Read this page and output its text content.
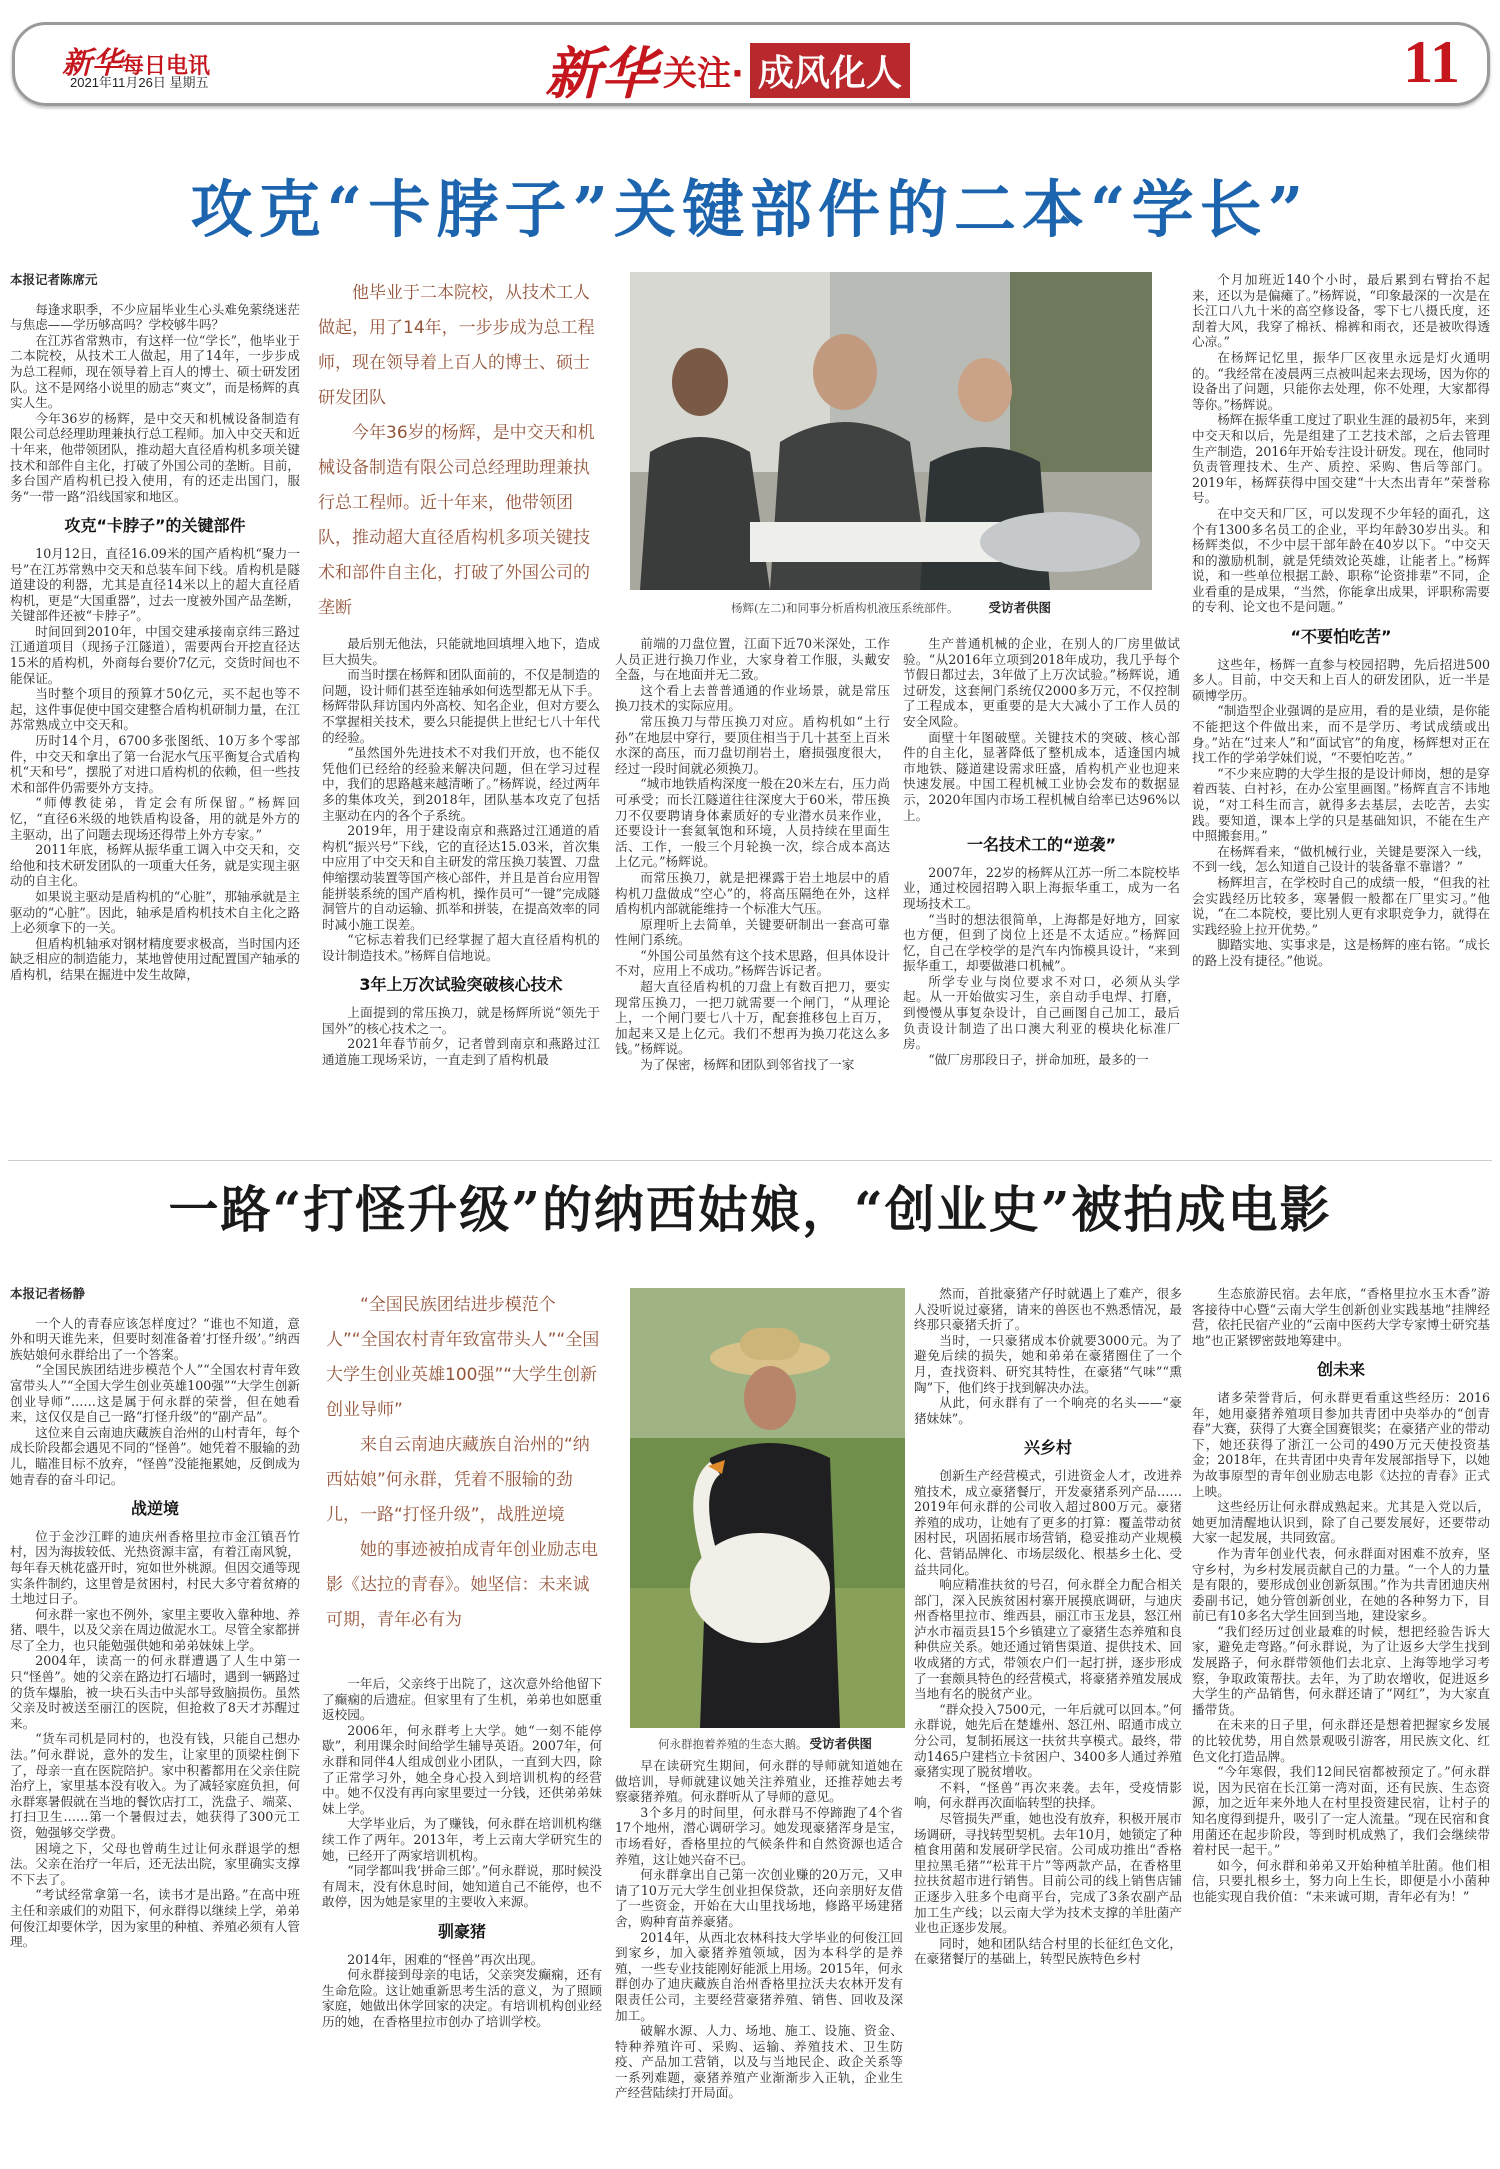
新华每日电讯
2021年11月26日 星期五	新华 关注· 成风化人	11
攻克“卡脖子”关键部件的二本“学长”

本报记者陈席元

每逢求职季，不少应届毕业生心头难免萦绕迷茫与焦虑——学历够高吗？学校够牛吗？

在江苏省常熟市，有这样一位“学长”，他毕业于二本院校，从技术工人做起，用了14年，一步步成为总工程师，现在领导着上百人的博士、硕士研发团队。这不是网络小说里的励志“爽文”，而是杨辉的真实人生。

今年36岁的杨辉，是中交天和机械设备制造有限公司总经理助理兼执行总工程师。加入中交天和近十年来，他带领团队，推动超大直径盾构机多项关键技术和部件自主化，打破了外国公司的垄断。目前，多台国产盾构机已投入使用，有的还走出国门，服务“一带一路”沿线国家和地区。

攻克“卡脖子”的关键部件

10月12日，直径16.09米的国产盾构机“聚力一号”在江苏常熟中交天和总装车间下线。盾构机是隧道建设的利器，尤其是直径14米以上的超大直径盾构机，更是“大国重器”，过去一度被外国产品垄断，关键部件还被“卡脖子”。

时间回到2010年，中国交建承接南京纬三路过江通道项目（现扬子江隧道），需要两台开挖直径达15米的盾构机，外商每台要价7亿元，交货时间也不能保证。

当时整个项目的预算才50亿元，买不起也等不起，这件事促使中国交建整合盾构机研制力量，在江苏常熟成立中交天和。

历时14个月，6700多张图纸、10万多个零部件，中交天和拿出了第一台泥水气压平衡复合式盾构机“天和号”，摆脱了对进口盾构机的依赖，但一些技术和部件仍需要外方支持。

“师傅教徒弟，肯定会有所保留。”杨辉回忆，“直径6米级的地铁盾构设备，用的就是外方的主驱动，出了问题去现场还得带上外方专家。”

2011年底，杨辉从振华重工调入中交天和，交给他和技术研发团队的一项重大任务，就是实现主驱动的自主化。

如果说主驱动是盾构机的“心脏”，那轴承就是主驱动的“心脏”。因此，轴承是盾构机技术自主化之路上必须拿下的一关。

但盾构机轴承对钢材精度要求极高，当时国内还缺乏相应的制造能力，某地曾使用过配置国产轴承的盾构机，结果在掘进中发生故障，

他毕业于二本院校，从技术工人做起，用了14年，一步步成为总工程师，现在领导着上百人的博士、硕士研发团队

今年36岁的杨辉，是中交天和机械设备制造有限公司总经理助理兼执行总工程师。近十年来，他带领团队，推动超大直径盾构机多项关键技术和部件自主化，打破了外国公司的垄断

最后别无他法，只能就地回填埋入地下，造成巨大损失。

而当时摆在杨辉和团队面前的，不仅是制造的问题，设计师们甚至连轴承如何选型都无从下手。杨辉带队拜访国内外高校、知名企业，但对方要么不掌握相关技术，要么只能提供上世纪七八十年代的经验。

“虽然国外先进技术不对我们开放，也不能仅凭他们已经给的经验来解决问题，但在学习过程中，我们的思路越来越清晰了。”杨辉说，经过两年多的集体攻关，到2018年，团队基本攻克了包括主驱动在内的各个子系统。

2019年，用于建设南京和燕路过江通道的盾构机“振兴号”下线，它的直径达15.03米，首次集中应用了中交天和自主研发的常压换刀装置、刀盘伸缩摆动装置等国产核心部件，并且是首台应用智能拼装系统的国产盾构机，操作员可“一键”完成隧洞管片的自动运输、抓举和拼装，在提高效率的同时减小施工误差。

“它标志着我们已经掌握了超大直径盾构机的设计制造技术。”杨辉自信地说。

3年上万次试验突破核心技术

上面提到的常压换刀，就是杨辉所说“领先于国外”的核心技术之一。

2021年春节前夕，记者曾到南京和燕路过江通道施工现场采访，一直走到了盾构机最

杨辉(左二)和同事分析盾构机液压系统部件。 受访者供图

前端的刀盘位置，江面下近70米深处，工作人员正进行换刀作业，大家身着工作服，头戴安全盔，与在地面并无二致。

这个看上去普普通通的作业场景，就是常压换刀技术的实际应用。

常压换刀与带压换刀对应。盾构机如“土行孙”在地层中穿行，要顶住相当于几十甚至上百米水深的高压，而刀盘切削岩土，磨损强度很大，经过一段时间就必须换刀。

“城市地铁盾构深度一般在20米左右，压力尚可承受；而长江隧道往往深度大于60米，带压换刀不仅要聘请身体素质好的专业潜水员来作业，还要设计一套氦氧饱和环境，人员持续在里面生活、工作，一般三个月轮换一次，综合成本高达上亿元。”杨辉说。

而常压换刀，就是把裸露于岩土地层中的盾构机刀盘做成“空心”的，将高压隔绝在外，这样盾构机内部就能维持一个标准大气压。

原理听上去简单，关键要研制出一套高可靠性闸门系统。

“外国公司虽然有这个技术思路，但具体设计不对，应用上不成功。”杨辉告诉记者。

超大直径盾构机的刀盘上有数百把刀，要实现常压换刀，一把刀就需要一个闸门，“从理论上，一个闸门要七八十万，配套推移包上百万，加起来又是上亿元。我们不想再为换刀花这么多钱。”杨辉说。

为了保密，杨辉和团队到邻省找了一家

生产普通机械的企业，在别人的厂房里做试验。“从2016年立项到2018年成功，我几乎每个节假日都过去，3年做了上万次试验。”杨辉说，通过研发，这套闸门系统仅2000多万元，不仅控制了工程成本，更重要的是大大减小了工作人员的安全风险。

面壁十年图破壁。关键技术的突破、核心部件的自主化，显著降低了整机成本，适逢国内城市地铁、隧道建设需求旺盛，盾构机产业也迎来快速发展。中国工程机械工业协会发布的数据显示，2020年国内市场工程机械自给率已达96%以上。

一名技术工的“逆袭”

2007年，22岁的杨辉从江苏一所二本院校毕业，通过校园招聘入职上海振华重工，成为一名现场技术工。

“当时的想法很简单，上海都是好地方，回家也方便，但到了岗位上还是不太适应。”杨辉回忆，自己在学校学的是汽车内饰模具设计，“来到振华重工，却要做港口机械”。

所学专业与岗位要求不对口，必须从头学起。从一开始做实习生，亲自动手电焊、打磨，到慢慢从事复杂设计，自己画图自己加工，最后负责设计制造了出口澳大利亚的模块化标准厂房。

“做厂房那段日子，拼命加班，最多的一

个月加班近140个小时，最后累到右臂抬不起来，还以为是偏瘫了。”杨辉说，“印象最深的一次是在长江口八九十米的高空修设备，零下七八摄氏度，还刮着大风，我穿了棉袄、棉裤和雨衣，还是被吹得透心凉。”

在杨辉记忆里，振华厂区夜里永远是灯火通明的。“我经常在凌晨两三点被叫起来去现场，因为你的设备出了问题，只能你去处理，你不处理，大家都得等你。”杨辉说。

杨辉在振华重工度过了职业生涯的最初5年，来到中交天和以后，先是组建了工艺技术部，之后去管理生产制造，2016年开始专注设计研发。现在，他同时负责管理技术、生产、质控、采购、售后等部门。2019年，杨辉获得中国交建“十大杰出青年”荣誉称号。

在中交天和厂区，可以发现不少年轻的面孔，这个有1300多名员工的企业，平均年龄30岁出头。和杨辉类似，不少中层干部年龄在40岁以下。“中交天和的激励机制，就是凭绩效论英雄，让能者上。”杨辉说，和一些单位根据工龄、职称“论资排辈”不同，企业看重的是成果，“当然，你能拿出成果，评职称需要的专利、论文也不是问题。”

“不要怕吃苦”

这些年，杨辉一直参与校园招聘，先后招进500多人。目前，中交天和上百人的研发团队，近一半是硕博学历。

“制造型企业强调的是应用，看的是业绩，是你能不能把这个件做出来，而不是学历、考试成绩或出身。”站在“过来人”和“面试官”的角度，杨辉想对正在找工作的学弟学妹们说，“不要怕吃苦。”

“不少来应聘的大学生报的是设计师岗，想的是穿着西装、白衬衫，在办公室里画图。”杨辉直言不讳地说，“对工科生而言，就得多去基层，去吃苦，去实践。要知道，课本上学的只是基础知识，不能在生产中照搬套用。”

在杨辉看来，“做机械行业，关键是要深入一线，不到一线，怎么知道自己设计的装备靠不靠谱？”

杨辉坦言，在学校时自己的成绩一般，“但我的社会实践经历比较多，寒暑假一般都在厂里实习。”他说，“在二本院校，要比别人更有求职竞争力，就得在实践经验上拉开优势。”

脚踏实地、实事求是，这是杨辉的座右铭。“成长的路上没有捷径。”他说。

一路“打怪升级”的纳西姑娘，“创业史”被拍成电影

本报记者杨静

一个人的青春应该怎样度过？“谁也不知道，意外和明天谁先来，但要时刻准备着‘打怪升级’。”纳西族姑娘何永群给出了一个答案。

“全国民族团结进步模范个人”“全国农村青年致富带头人”“全国大学生创业英雄100强”“大学生创新创业导师”……这是属于何永群的荣誉，但在她看来，这仅仅是自己一路“打怪升级”的“副产品”。

这位来自云南迪庆藏族自治州的山村青年，每个成长阶段都会遇见不同的“怪兽”。她凭着不服输的劲儿，瞄准目标不放弃，“怪兽”没能拖累她，反倒成为她青春的奋斗印记。

战逆境

位于金沙江畔的迪庆州香格里拉市金江镇吾竹村，因为海拔较低、光热资源丰富，有着江南风貌，每年春天桃花盛开时，宛如世外桃源。但因交通等现实条件制约，这里曾是贫困村，村民大多守着贫瘠的土地过日子。

何永群一家也不例外，家里主要收入靠种地、养猪、喂牛，以及父亲在周边做泥水工。尽管全家都拼尽了全力，也只能勉强供她和弟弟妹妹上学。

2004年，读高一的何永群遭遇了人生中第一只“怪兽”。她的父亲在路边打石墙时，遇到一辆路过的货车爆胎，被一块石头击中头部导致脑损伤。虽然父亲及时被送至丽江的医院，但抢救了8天才苏醒过来。

“货车司机是同村的，也没有钱，只能自己想办法。”何永群说，意外的发生，让家里的顶梁柱倒下了，母亲一直在医院陪护。家中积蓄都用在父亲住院治疗上，家里基本没有收入。为了减轻家庭负担，何永群寒暑假就在当地的餐饮店打工，洗盘子、端菜、打扫卫生……第一个暑假过去，她获得了300元工资，勉强够交学费。

困境之下，父母也曾萌生过让何永群退学的想法。父亲在治疗一年后，还无法出院，家里确实支撑不下去了。

“考试经常拿第一名，读书才是出路。”在高中班主任和亲戚们的劝阻下，何永群得以继续上学，弟弟何俊江却要休学，因为家里的种植、养殖必须有人管理。

“全国民族团结进步模范个人”“全国农村青年致富带头人”“全国大学生创业英雄100强”“大学生创新创业导师”

来自云南迪庆藏族自治州的“纳西姑娘”何永群，凭着不服输的劲儿，一路“打怪升级”，战胜逆境

她的事迹被拍成青年创业励志电影《达拉的青春》。她坚信：未来诚可期，青年必有为

一年后，父亲终于出院了，这次意外给他留下了癫痫的后遗症。但家里有了生机，弟弟也如愿重返校园。

2006年，何永群考上大学。她“一刻不能停歇”，利用课余时间给学生辅导英语。2007年，何永群和同伴4人组成创业小团队，一直到大四，除了正常学习外，她全身心投入到培训机构的经营中。她不仅没有再向家里要过一分钱，还供弟弟妹妹上学。

大学毕业后，为了赚钱，何永群在培训机构继续工作了两年。2013年，考上云南大学研究生的她，已经开了两家培训机构。

“同学都叫我‘拼命三郎’。”何永群说，那时候没有周末，没有休息时间，她知道自己不能停，也不敢停，因为她是家里的主要收入来源。

驯豪猪

2014年，困难的“怪兽”再次出现。

何永群接到母亲的电话，父亲突发癫痫，还有生命危险。这让她重新思考生活的意义，为了照顾家庭，她做出休学回家的决定。有培训机构创业经历的她，在香格里拉市创办了培训学校。

何永群抱着养殖的生态大鹅。 受访者供图

早在读研究生期间，何永群的导师就知道她在做培训，导师就建议她关注养殖业，还推荐她去考察豪猪养殖。何永群听从了导师的意见。

3个多月的时间里，何永群马不停蹄跑了4个省17个地州，潜心调研学习。她发现豪猪浑身是宝，市场看好，香格里拉的气候条件和自然资源也适合养殖，这让她兴奋不已。

何永群拿出自己第一次创业赚的20万元，又申请了10万元大学生创业担保贷款，还向亲朋好友借了一些资金，开始在大山里找场地，修路平场建猪舍，购种育苗养豪猪。

2014年，从西北农林科技大学毕业的何俊江回到家乡，加入豪猪养殖领域，因为本科学的是养殖，一些专业技能刚好能派上用场。2015年，何永群创办了迪庆藏族自治州香格里拉沃夫农林开发有限责任公司，主要经营豪猪养殖、销售、回收及深加工。

破解水源、人力、场地、施工、设施、资金、特种养殖许可、采购、运输、养殖技术、卫生防疫、产品加工营销，以及与当地民企、政企关系等一系列难题，豪猪养殖产业渐渐步入正轨，企业生产经营陆续打开局面。

然而，首批豪猪产仔时就遇上了难产，很多人没听说过豪猪，请来的兽医也不熟悉情况，最终那只豪猪夭折了。

当时，一只豪猪成本价就要3000元。为了避免后续的损失，她和弟弟在豪猪圈住了一个月，查找资料、研究其特性，在豪猪“气味”“熏陶”下，他们终于找到解决办法。

从此，何永群有了一个响亮的名头——“豪猪妹妹”。

兴乡村

创新生产经营模式，引进资金人才，改进养殖技术，成立豪猪餐厅，开发豪猪系列产品……2019年何永群的公司收入超过800万元。豪猪养殖的成功，让她有了更多的打算：覆盖带动贫困村民，巩固拓展市场营销，稳妥推动产业规模化、营销品牌化、市场层级化、根基乡土化、受益共同化。

响应精准扶贫的号召，何永群全力配合相关部门，深入民族贫困村寨开展摸底调研，与迪庆州香格里拉市、维西县，丽江市玉龙县，怒江州泸水市福贡县15个乡镇建立了豪猪生态养殖和良种供应关系。她还通过销售渠道、提供技术、回收成猪的方式，带领农户们一起打拼，逐步形成了一套颇具特色的经营模式，将豪猪养殖发展成当地有名的脱贫产业。

“群众投入7500元，一年后就可以回本。”何永群说，她先后在楚雄州、怒江州、昭通市成立分公司，复制拓展这一扶贫共享模式。最终，带动1465户建档立卡贫困户、3400多人通过养殖豪猪实现了脱贫增收。

不料，“怪兽”再次来袭。去年，受疫情影响，何永群再次面临转型的抉择。

尽管损失严重，她也没有放弃，积极开展市场调研，寻找转型契机。去年10月，她锁定了种植食用菌和发展研学民宿。公司成功推出“香格里拉黑毛猪”“松茸干片”等两款产品，在香格里拉扶贫超市进行销售。目前公司的线上销售店铺正逐步入驻多个电商平台，完成了3条农副产品加工生产线；以云南大学为技术支撑的羊肚菌产业也正逐步发展。

同时，她和团队结合村里的长征红色文化，在豪猪餐厅的基础上，转型民族特色乡村

生态旅游民宿。去年底，“香格里拉水玉木香”游客接待中心暨“云南大学生创新创业实践基地”挂牌经营，依托民宿产业的“云南中医药大学专家博士研究基地”也正紧锣密鼓地筹建中。

创未来

诸多荣誉背后，何永群更看重这些经历：2016年，她用豪猪养殖项目参加共青团中央举办的“创青春”大赛，获得了大赛全国赛银奖；在豪猪产业的带动下，她还获得了浙江一公司的490万元天使投资基金；2018年，在共青团中央青年发展部指导下，以她为故事原型的青年创业励志电影《达拉的青春》正式上映。

这些经历让何永群成熟起来。尤其是入党以后，她更加清醒地认识到，除了自己要发展好，还要带动大家一起发展，共同致富。

作为青年创业代表，何永群面对困难不放弃，坚守乡村，为乡村发展贡献自己的力量。“一个人的力量是有限的，要形成创业创新氛围。”作为共青团迪庆州委副书记，她分管创新创业，在她的各种努力下，目前已有10多名大学生回到当地，建设家乡。

“我们经历过创业最难的时候，想把经验告诉大家，避免走弯路。”何永群说，为了让返乡大学生找到发展路子，何永群带领他们去北京、上海等地学习考察，争取政策帮扶。去年，为了助农增收，促进返乡大学生的产品销售，何永群还请了“网红”，为大家直播带货。

在未来的日子里，何永群还是想着把握家乡发展的比较优势，用自然景观吸引游客，用民族文化、红色文化打造品牌。

“今年寒假，我们12间民宿都被预定了。”何永群说，因为民宿在长江第一湾对面，还有民族、生态资源，加之近年来外地人在村里投资建民宿，让村子的知名度得到提升，吸引了一定人流量。“现在民宿和食用菌还在起步阶段，等到时机成熟了，我们会继续带着村民一起干。”

如今，何永群和弟弟又开始种植羊肚菌。他们相信，只要扎根乡土，努力向上生长，即便是小小菌种也能实现自我价值：“未来诚可期，青年必有为！”
